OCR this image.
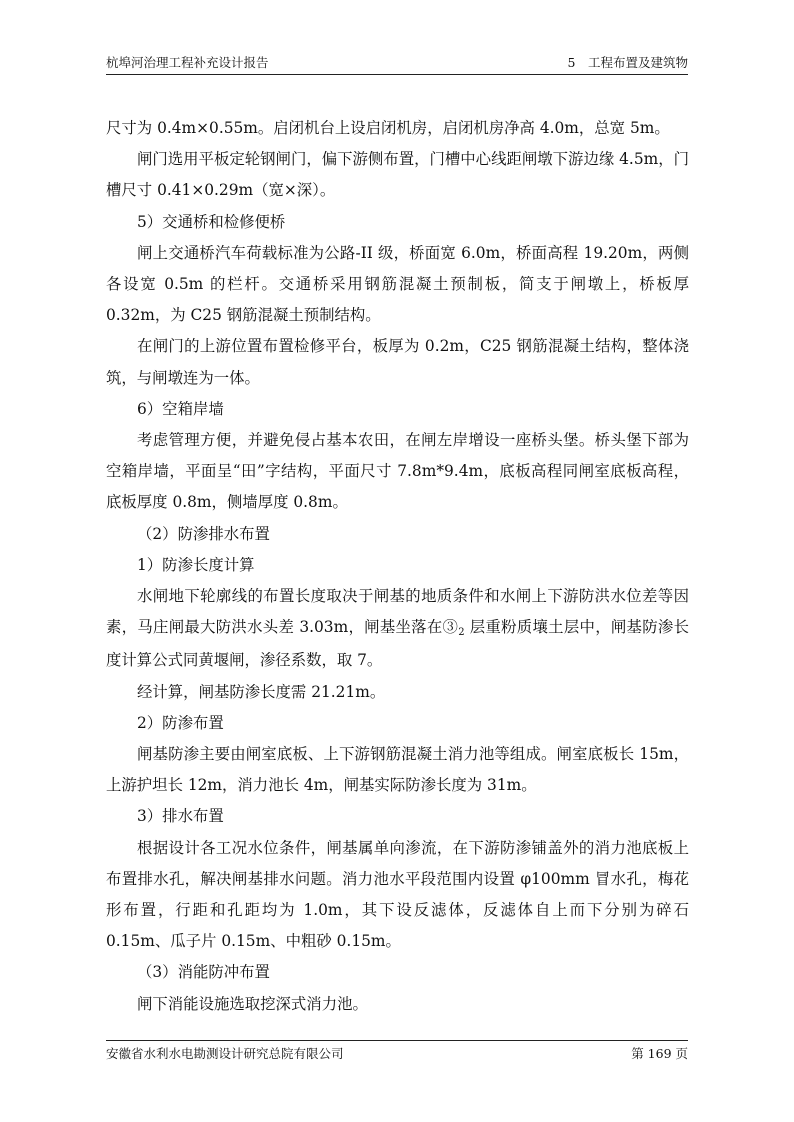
杭埠河治理工程补充设计报告	5　工程布置及建筑物

尺寸为 0.4m×0.55m。启闭机台上设启闭机房，启闭机房净高 4.0m，总宽 5m。

闸门选用平板定轮钢闸门，偏下游侧布置，门槽中心线距闸墩下游边缘 4.5m，门槽尺寸 0.41×0.29m（宽×深）。

5）交通桥和检修便桥

闸上交通桥汽车荷载标准为公路-II 级，桥面宽 6.0m，桥面高程 19.20m，两侧各设宽 0.5m 的栏杆。交通桥采用钢筋混凝土预制板，简支于闸墩上，桥板厚 0.32m，为 C25 钢筋混凝土预制结构。

在闸门的上游位置布置检修平台，板厚为 0.2m，C25 钢筋混凝土结构，整体浇筑，与闸墩连为一体。

6）空箱岸墙

考虑管理方便，并避免侵占基本农田，在闸左岸增设一座桥头堡。桥头堡下部为空箱岸墙，平面呈“田”字结构，平面尺寸 7.8m*9.4m，底板高程同闸室底板高程，底板厚度 0.8m，侧墙厚度 0.8m。

（2）防渗排水布置

1）防渗长度计算

水闸地下轮廓线的布置长度取决于闸基的地质条件和水闸上下游防洪水位差等因素，马庄闸最大防洪水头差 3.03m，闸基坐落在③2 层重粉质壤土层中，闸基防渗长度计算公式同黄堰闸，渗径系数，取 7。

经计算，闸基防渗长度需 21.21m。

2）防渗布置

闸基防渗主要由闸室底板、上下游钢筋混凝土消力池等组成。闸室底板长 15m，上游护坦长 12m，消力池长 4m，闸基实际防渗长度为 31m。

3）排水布置

根据设计各工况水位条件，闸基属单向渗流，在下游防渗铺盖外的消力池底板上布置排水孔，解决闸基排水问题。消力池水平段范围内设置 φ100mm 冒水孔，梅花形布置，行距和孔距均为 1.0m，其下设反滤体，反滤体自上而下分别为碎石 0.15m、瓜子片 0.15m、中粗砂 0.15m。

（3）消能防冲布置

闸下消能设施选取挖深式消力池。

安徽省水利水电勘测设计研究总院有限公司	第 169 页
